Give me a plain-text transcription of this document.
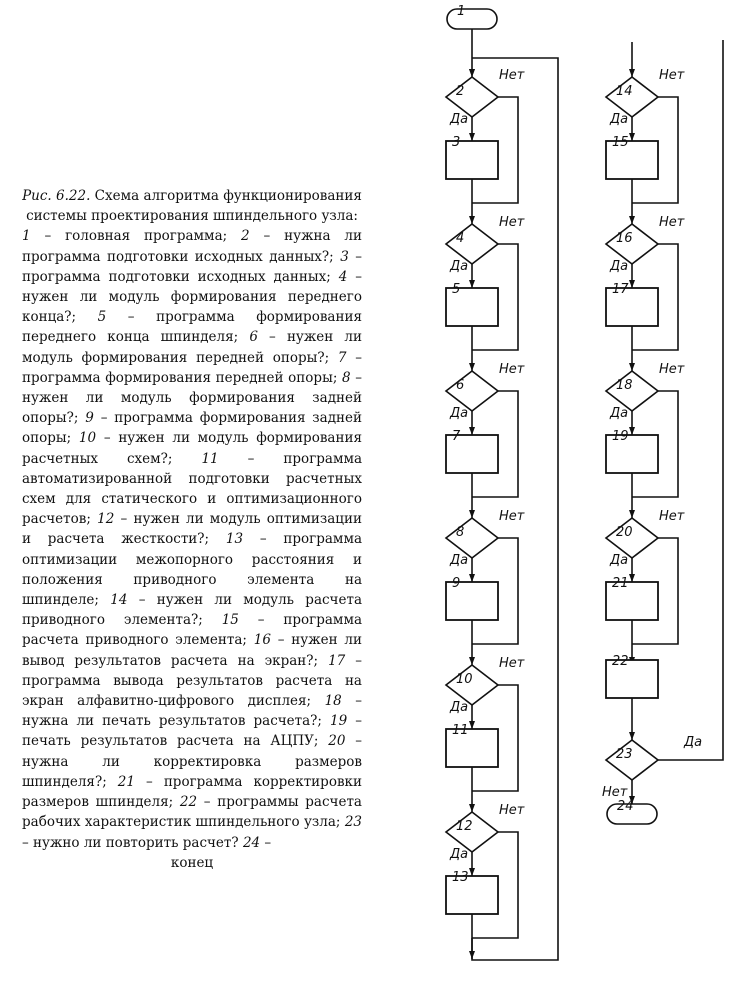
Рис. 6.22. Схема алгоритма функционирования системы проектирования шпиндельного узла:

1 – головная программа; 2 – нужна ли программа подготовки исходных данных?; 3 – программа подготовки исходных данных; 4 – нужен ли модуль формирования переднего конца?; 5 – программа формирования переднего конца шпинделя; 6 – нужен ли модуль формирования передней опоры?; 7 – программа формирования передней опоры; 8 – нужен ли модуль формирования задней опоры?; 9 – программа формирования задней опоры; 10 – нужен ли модуль формирования расчетных схем?; 11 – программа автоматизированной подготовки расчетных схем для статического и оптимизационного расчетов; 12 – нужен ли модуль оптимизации и расчета жесткости?; 13 – программа оптимизации межопорного расстояния и положения приводного элемента на шпинделе; 14 – нужен ли модуль расчета приводного элемента?; 15 – программа расчета приводного элемента; 16 – нужен ли вывод результатов расчета на экран?; 17 – программа вывода результатов расчета на экран алфавитно-цифрового дисплея; 18 – нужна ли печать результатов расчета?; 19 – печать результатов расчета на АЦПУ; 20 – нужна ли корректировка размеров шпинделя?; 21 – программа корректировки размеров шпинделя; 22 – программы расчета рабочих характеристик шпиндельного узла; 23 – нужно ли повторить расчет? 24 –

конец

1
2
Нет
Да
3
4
Нет
Да
5
6
Нет
Да
7
8
Нет
Да
9
10
Нет
Да
11
12
Нет
Да
13
14
Нет
Да
15
16
Нет
Да
17
18
Нет
Да
19
20
Нет
Да
21
22
23
Да
Нет
24
